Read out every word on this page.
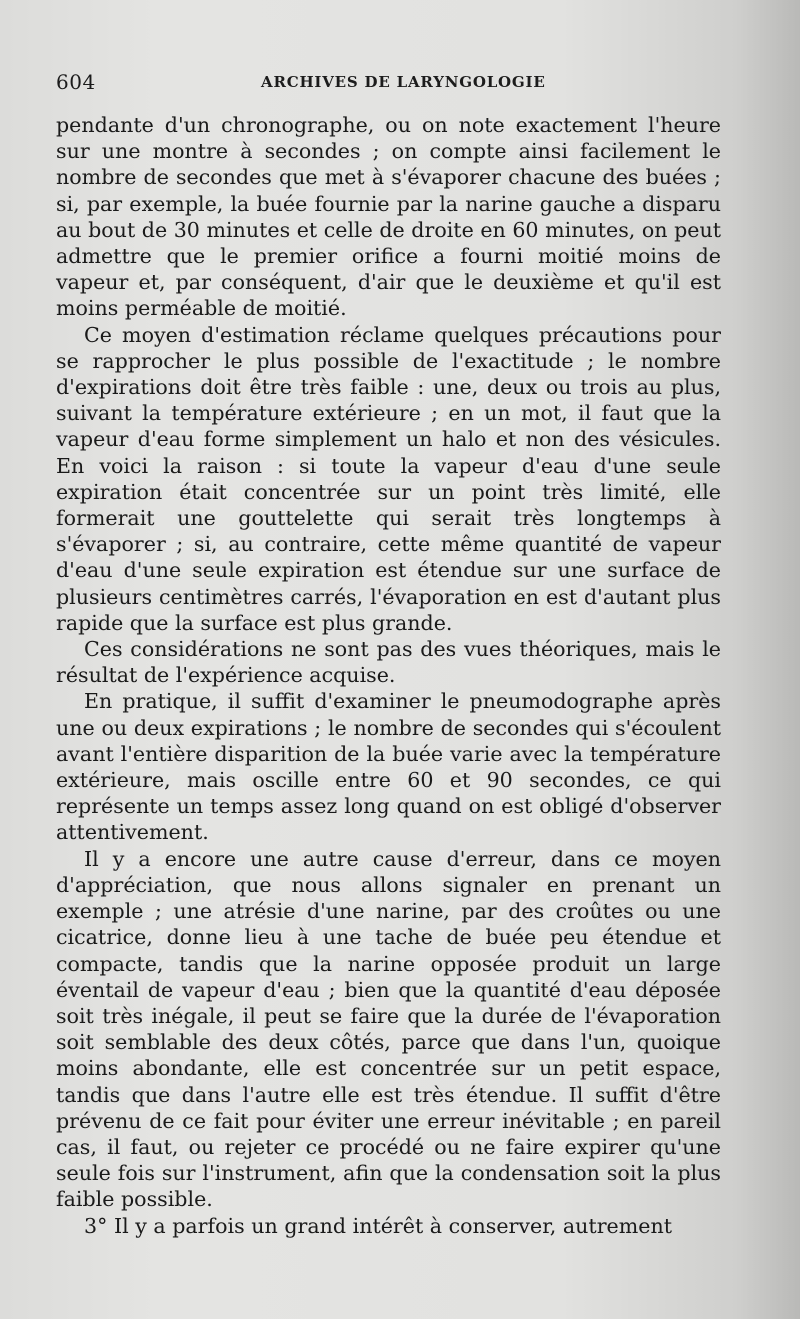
604	ARCHIVES DE LARYNGOLOGIE

pendante d'un chronographe, ou on note exactement l'heure sur une montre à secondes ; on compte ainsi facilement le nombre de secondes que met à s'évaporer chacune des buées ; si, par exemple, la buée fournie par la narine gauche a disparu au bout de 30 minutes et celle de droite en 60 minutes, on peut admettre que le premier orifice a fourni moitié moins de vapeur et, par conséquent, d'air que le deuxième et qu'il est moins perméable de moitié.

Ce moyen d'estimation réclame quelques précautions pour se rapprocher le plus possible de l'exactitude ; le nombre d'expirations doit être très faible : une, deux ou trois au plus, suivant la température extérieure ; en un mot, il faut que la vapeur d'eau forme simplement un halo et non des vésicules. En voici la raison : si toute la vapeur d'eau d'une seule expiration était concentrée sur un point très limité, elle formerait une gouttelette qui serait très longtemps à s'évaporer ; si, au contraire, cette même quantité de vapeur d'eau d'une seule expiration est étendue sur une surface de plusieurs centimètres carrés, l'évaporation en est d'autant plus rapide que la surface est plus grande.

Ces considérations ne sont pas des vues théoriques, mais le résultat de l'expérience acquise.

En pratique, il suffit d'examiner le pneumodographe après une ou deux expirations ; le nombre de secondes qui s'écoulent avant l'entière disparition de la buée varie avec la température extérieure, mais oscille entre 60 et 90 secondes, ce qui représente un temps assez long quand on est obligé d'observer attentivement.

Il y a encore une autre cause d'erreur, dans ce moyen d'appréciation, que nous allons signaler en prenant un exemple ; une atrésie d'une narine, par des croûtes ou une cicatrice, donne lieu à une tache de buée peu étendue et compacte, tandis que la narine opposée produit un large éventail de vapeur d'eau ; bien que la quantité d'eau déposée soit très inégale, il peut se faire que la durée de l'évaporation soit semblable des deux côtés, parce que dans l'un, quoique moins abondante, elle est concentrée sur un petit espace, tandis que dans l'autre elle est très étendue. Il suffit d'être prévenu de ce fait pour éviter une erreur inévitable ; en pareil cas, il faut, ou rejeter ce procédé ou ne faire expirer qu'une seule fois sur l'instrument, afin que la condensation soit la plus faible possible.

3° Il y a parfois un grand intérêt à conserver, autrement
